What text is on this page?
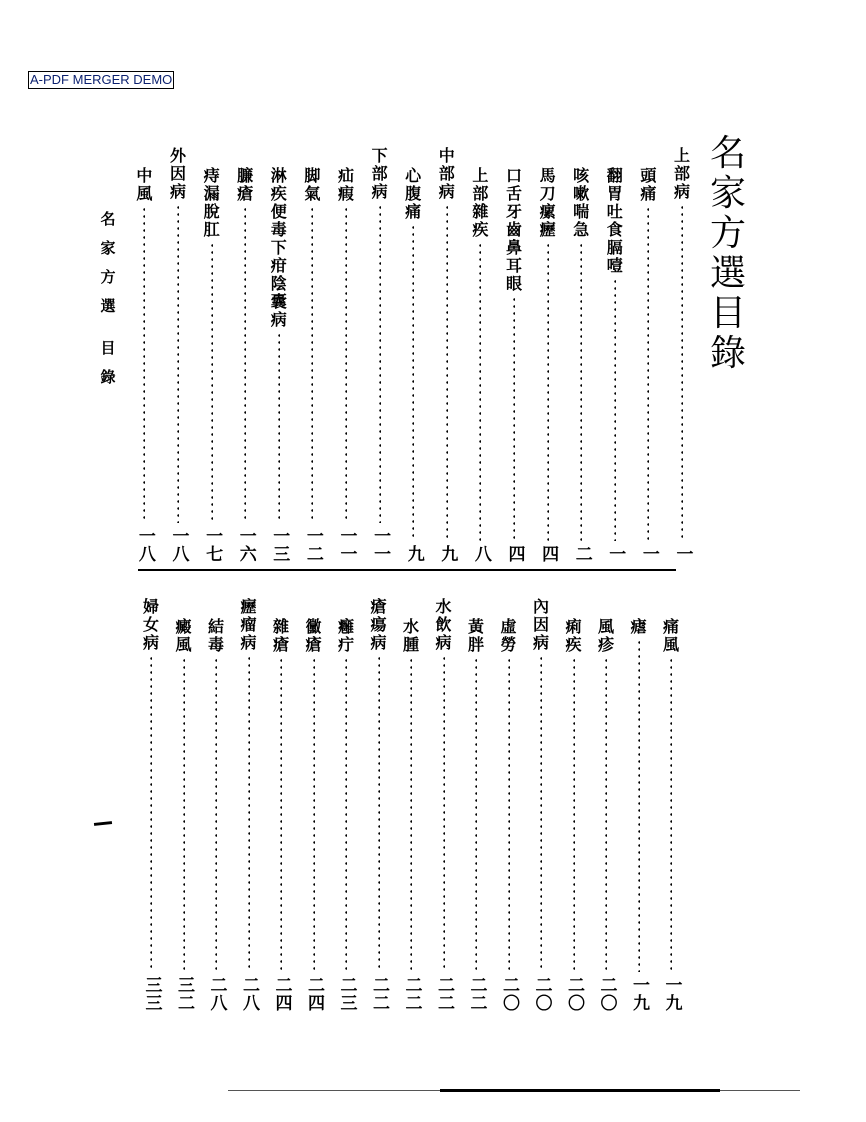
A-PDF MERGER DEMO
名
家
方
選
目
錄
名
家
方
選
目
錄
上
部
病
一
頭
痛
一
翻
胃
吐
食
膈
噎
一
咳
嗽
喘
急
二
馬
刀
瘰
癧
四
口
舌
牙
齒
鼻
耳
眼
四
上
部
雜
疾
八
中
部
病
九
心
腹
痛
九
下
部
病
一一
疝
瘕
一一
脚
氣
一二
淋
疾
便
毒
下
疳
陰
囊
病
一三
臁
瘡
一六
痔
漏
脫
肛
一七
外
因
病
一八
中
風
一八
痛
風
一九
瘧
一九
風
疹
二〇
痢
疾
二〇
內
因
病
二〇
虛
勞
二〇
黃
胖
二二
水
飲
病
二二
水
腫
二二
瘡
瘍
病
二二
癰
疔
二三
黴
瘡
二四
雜
瘡
二四
癧
瘤
病
二八
結
毒
二八
癜
風
三二
婦
女
病
三三
